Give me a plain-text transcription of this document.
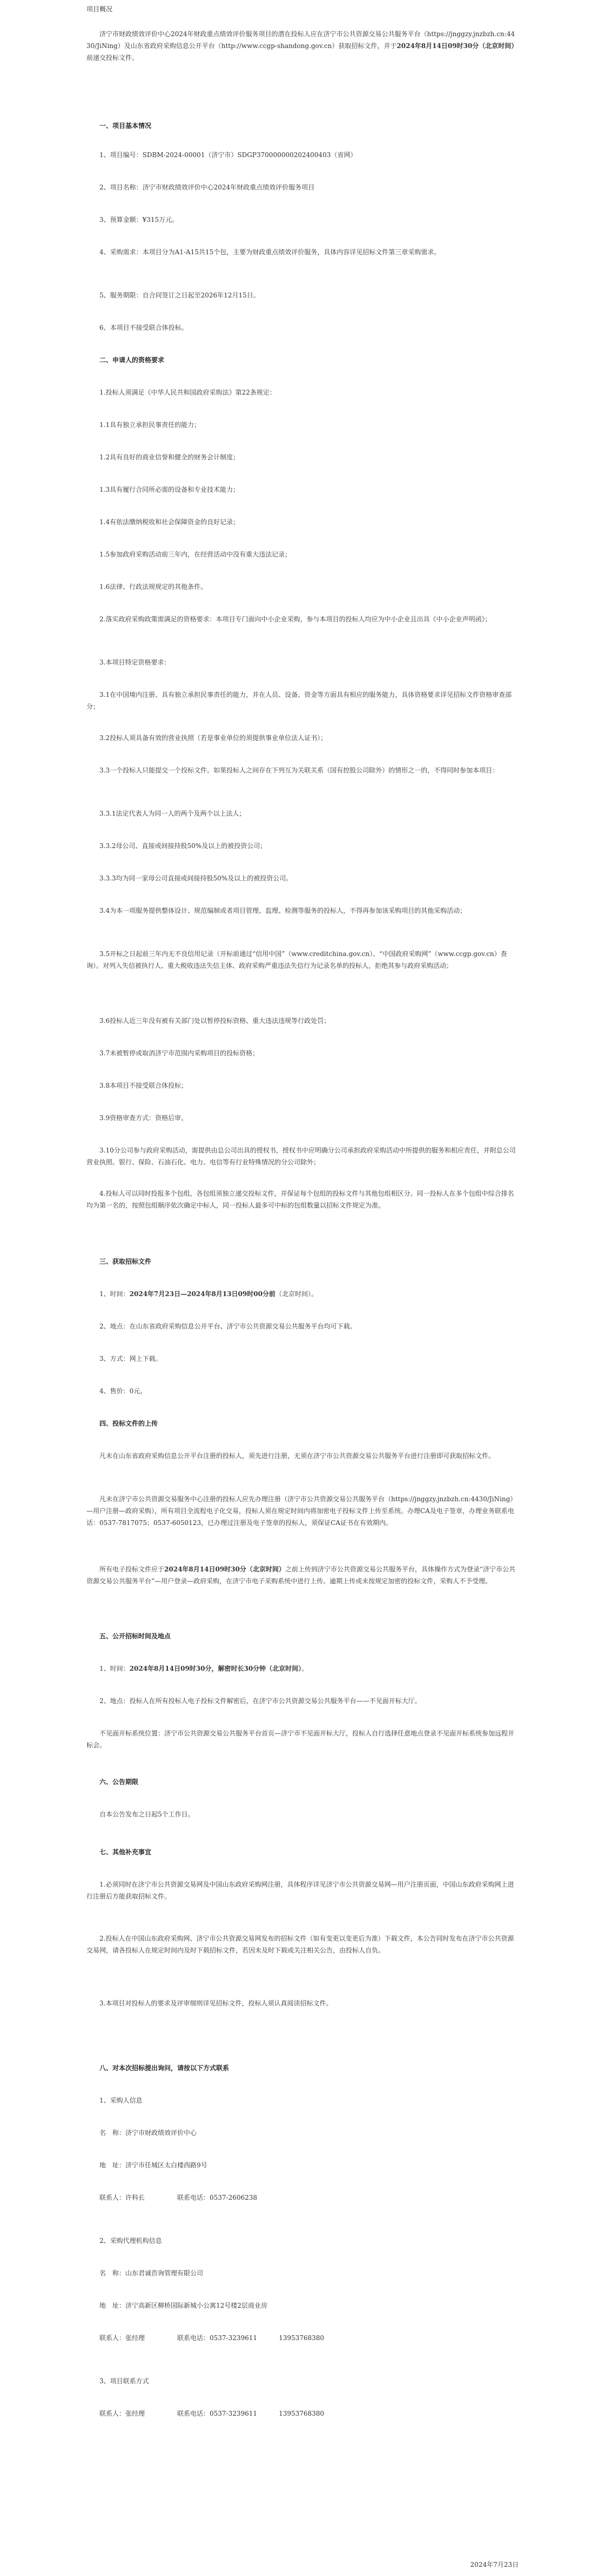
项目概况

济宁市财政绩效评价中心2024年财政重点绩效评价服务项目的潜在投标人应在济宁市公共资源交易公共服务平台（https://jnggzy.jnzbzh.cn:4430/JiNing）及山东省政府采购信息公开平台（http://www.ccgp-shandong.gov.cn）获取招标文件，并于2024年8月14日09时30分（北京时间）前递交投标文件。

一、项目基本情况

1、项目编号：SDBM-2024-00001（济宁市）SDGP370000000202400403（省网）

2、项目名称：济宁市财政绩效评价中心2024年财政重点绩效评价服务项目

3、预算金额：¥315万元。

4、采购需求：本项目分为A1-A15共15个包，主要为财政重点绩效评价服务，具体内容详见招标文件第三章采购需求。

5、服务期限：自合同签订之日起至2026年12月15日。

6、本项目不接受联合体投标。

二、申请人的资格要求

1.投标人须满足《中华人民共和国政府采购法》第22条规定：

1.1具有独立承担民事责任的能力；

1.2具有良好的商业信誉和健全的财务会计制度；

1.3具有履行合同所必需的设备和专业技术能力；

1.4有依法缴纳税收和社会保障资金的良好记录；

1.5参加政府采购活动前三年内，在经营活动中没有重大违法记录；

1.6法律、行政法规规定的其他条件。

2.落实政府采购政策需满足的资格要求：本项目专门面向中小企业采购，参与本项目的投标人均应为中小企业且出具《中小企业声明函》；

3.本项目特定资格要求：

3.1在中国境内注册、具有独立承担民事责任的能力，并在人员、设备、资金等方面具有相应的服务能力，具体资格要求详见招标文件资格审查部分；

3.2投标人须具备有效的营业执照（若是事业单位的须提供事业单位法人证书）；

3.3一个投标人只能提交一个投标文件。如果投标人之间存在下列互为关联关系（国有控股公司除外）的情形之一的，不得同时参加本项目：

3.3.1法定代表人为同一人的两个及两个以上法人；

3.3.2母公司、直接或间接持股50%及以上的被投资公司；

3.3.3均为同一家母公司直接或间接持股50%及以上的被投资公司。

3.4为本一项服务提供整体设计、规范编制或者项目管理、监理、检测等服务的投标人，不得再参加该采购项目的其他采购活动；

3.5开标之日起前三年内无不良信用记录（开标前通过“信用中国”（www.creditchina.gov.cn）、“中国政府采购网”（www.ccgp.gov.cn）查询）。对列入失信被执行人、重大税收违法失信主体、政府采购严重违法失信行为记录名单的投标人，拒绝其参与政府采购活动；

3.6投标人近三年没有被有关部门处以暂停投标资格、重大违法违规等行政处罚；

3.7未被暂停或取消济宁市范围内采购项目的投标资格；

3.8本项目不接受联合体投标；

3.9资格审查方式：资格后审。

3.10分公司参与政府采购活动，需提供由总公司出具的授权书，授权书中应明确分公司承担政府采购活动中所提供的服务和相应责任，并附总公司营业执照。银行、保险、石油石化、电力、电信等有行业特殊情况的分公司除外；

4.投标人可以同时投报多个包组，各包组须独立递交投标文件，并保证每个包组的投标文件与其他包组相区分。同一投标人在多个包组中综合排名均为第一名的，按照包组顺序依次确定中标人，同一投标人最多可中标的包组数量以招标文件规定为准。

三、获取招标文件

1、时间：2024年7月23日—2024年8月13日09时00分前（北京时间）。

2、地点：在山东省政府采购信息公开平台、济宁市公共资源交易公共服务平台均可下载。

3、方式：网上下载。

4、售价：0元。

四、投标文件的上传

凡未在山东省政府采购信息公开平台注册的投标人，须先进行注册，无须在济宁市公共资源交易公共服务平台进行注册即可获取招标文件。

凡未在济宁市公共资源交易服务中心注册的投标人应先办理注册（济宁市公共资源交易公共服务平台（https://jnggzy.jnzbzh.cn:4430/JiNing）—用户注册—政府采购），所有项目全流程电子化交易，投标人须在规定时间内将加密电子投标文件上传至系统。办理CA及电子签章，办理业务联系电话：0537-7817075；0537-6050123，已办理过注册及电子签章的投标人，须保证CA证书在有效期内。

所有电子投标文件应于2024年8月14日09时30分（北京时间）之前上传到济宁市公共资源交易公共服务平台，具体操作方式为登录“济宁市公共资源交易公共服务平台”—用户登录—政府采购，在济宁市电子采购系统中进行上传。逾期上传或未按规定加密的投标文件，采购人不予受理。

五、公开招标时间及地点

1、时间：2024年8月14日09时30分，解密时长30分钟（北京时间）。

2、地点：投标人在所有投标人电子投标文件解密后，在济宁市公共资源交易公共服务平台——不见面开标大厅。

不见面开标系统位置：济宁市公共资源交易公共服务平台首页—济宁市不见面开标大厅，投标人自行选择任意地点登录不见面开标系统参加远程开标会。

六、公告期限

自本公告发布之日起5个工作日。

七、其他补充事宜

1.必须同时在济宁市公共资源交易网及中国山东政府采购网注册，具体程序详见济宁市公共资源交易网—用户注册页面，中国山东政府采购网上进行注册后方能获取招标文件。

2.投标人在中国山东政府采购网、济宁市公共资源交易网发布的招标文件（如有变更以变更后为准）下载文件，本公告同时发布在济宁市公共资源交易网，请各投标人在规定时间内及时下载招标文件，若因未及时下载或关注相关公告，由投标人自负。

3.本项目对投标人的要求及评审细则详见招标文件，投标人须认真阅读招标文件。

八、对本次招标提出询问，请按以下方式联系

1、采购人信息

名　称：济宁市财政绩效评价中心

地　址：济宁市任城区太白楼西路9号

联系人：许科长	联系电话：0537-2606238

2、采购代理机构信息

名　称：山东君诚咨询管理有限公司

地　址：济宁高新区柳桥国际新城小公寓12号楼2层商业房

联系人：张经理	联系电话：0537-3239611	13953768380

3、项目联系方式

联系人：张经理	联系电话：0537-3239611	13953768380

2024年7月23日
